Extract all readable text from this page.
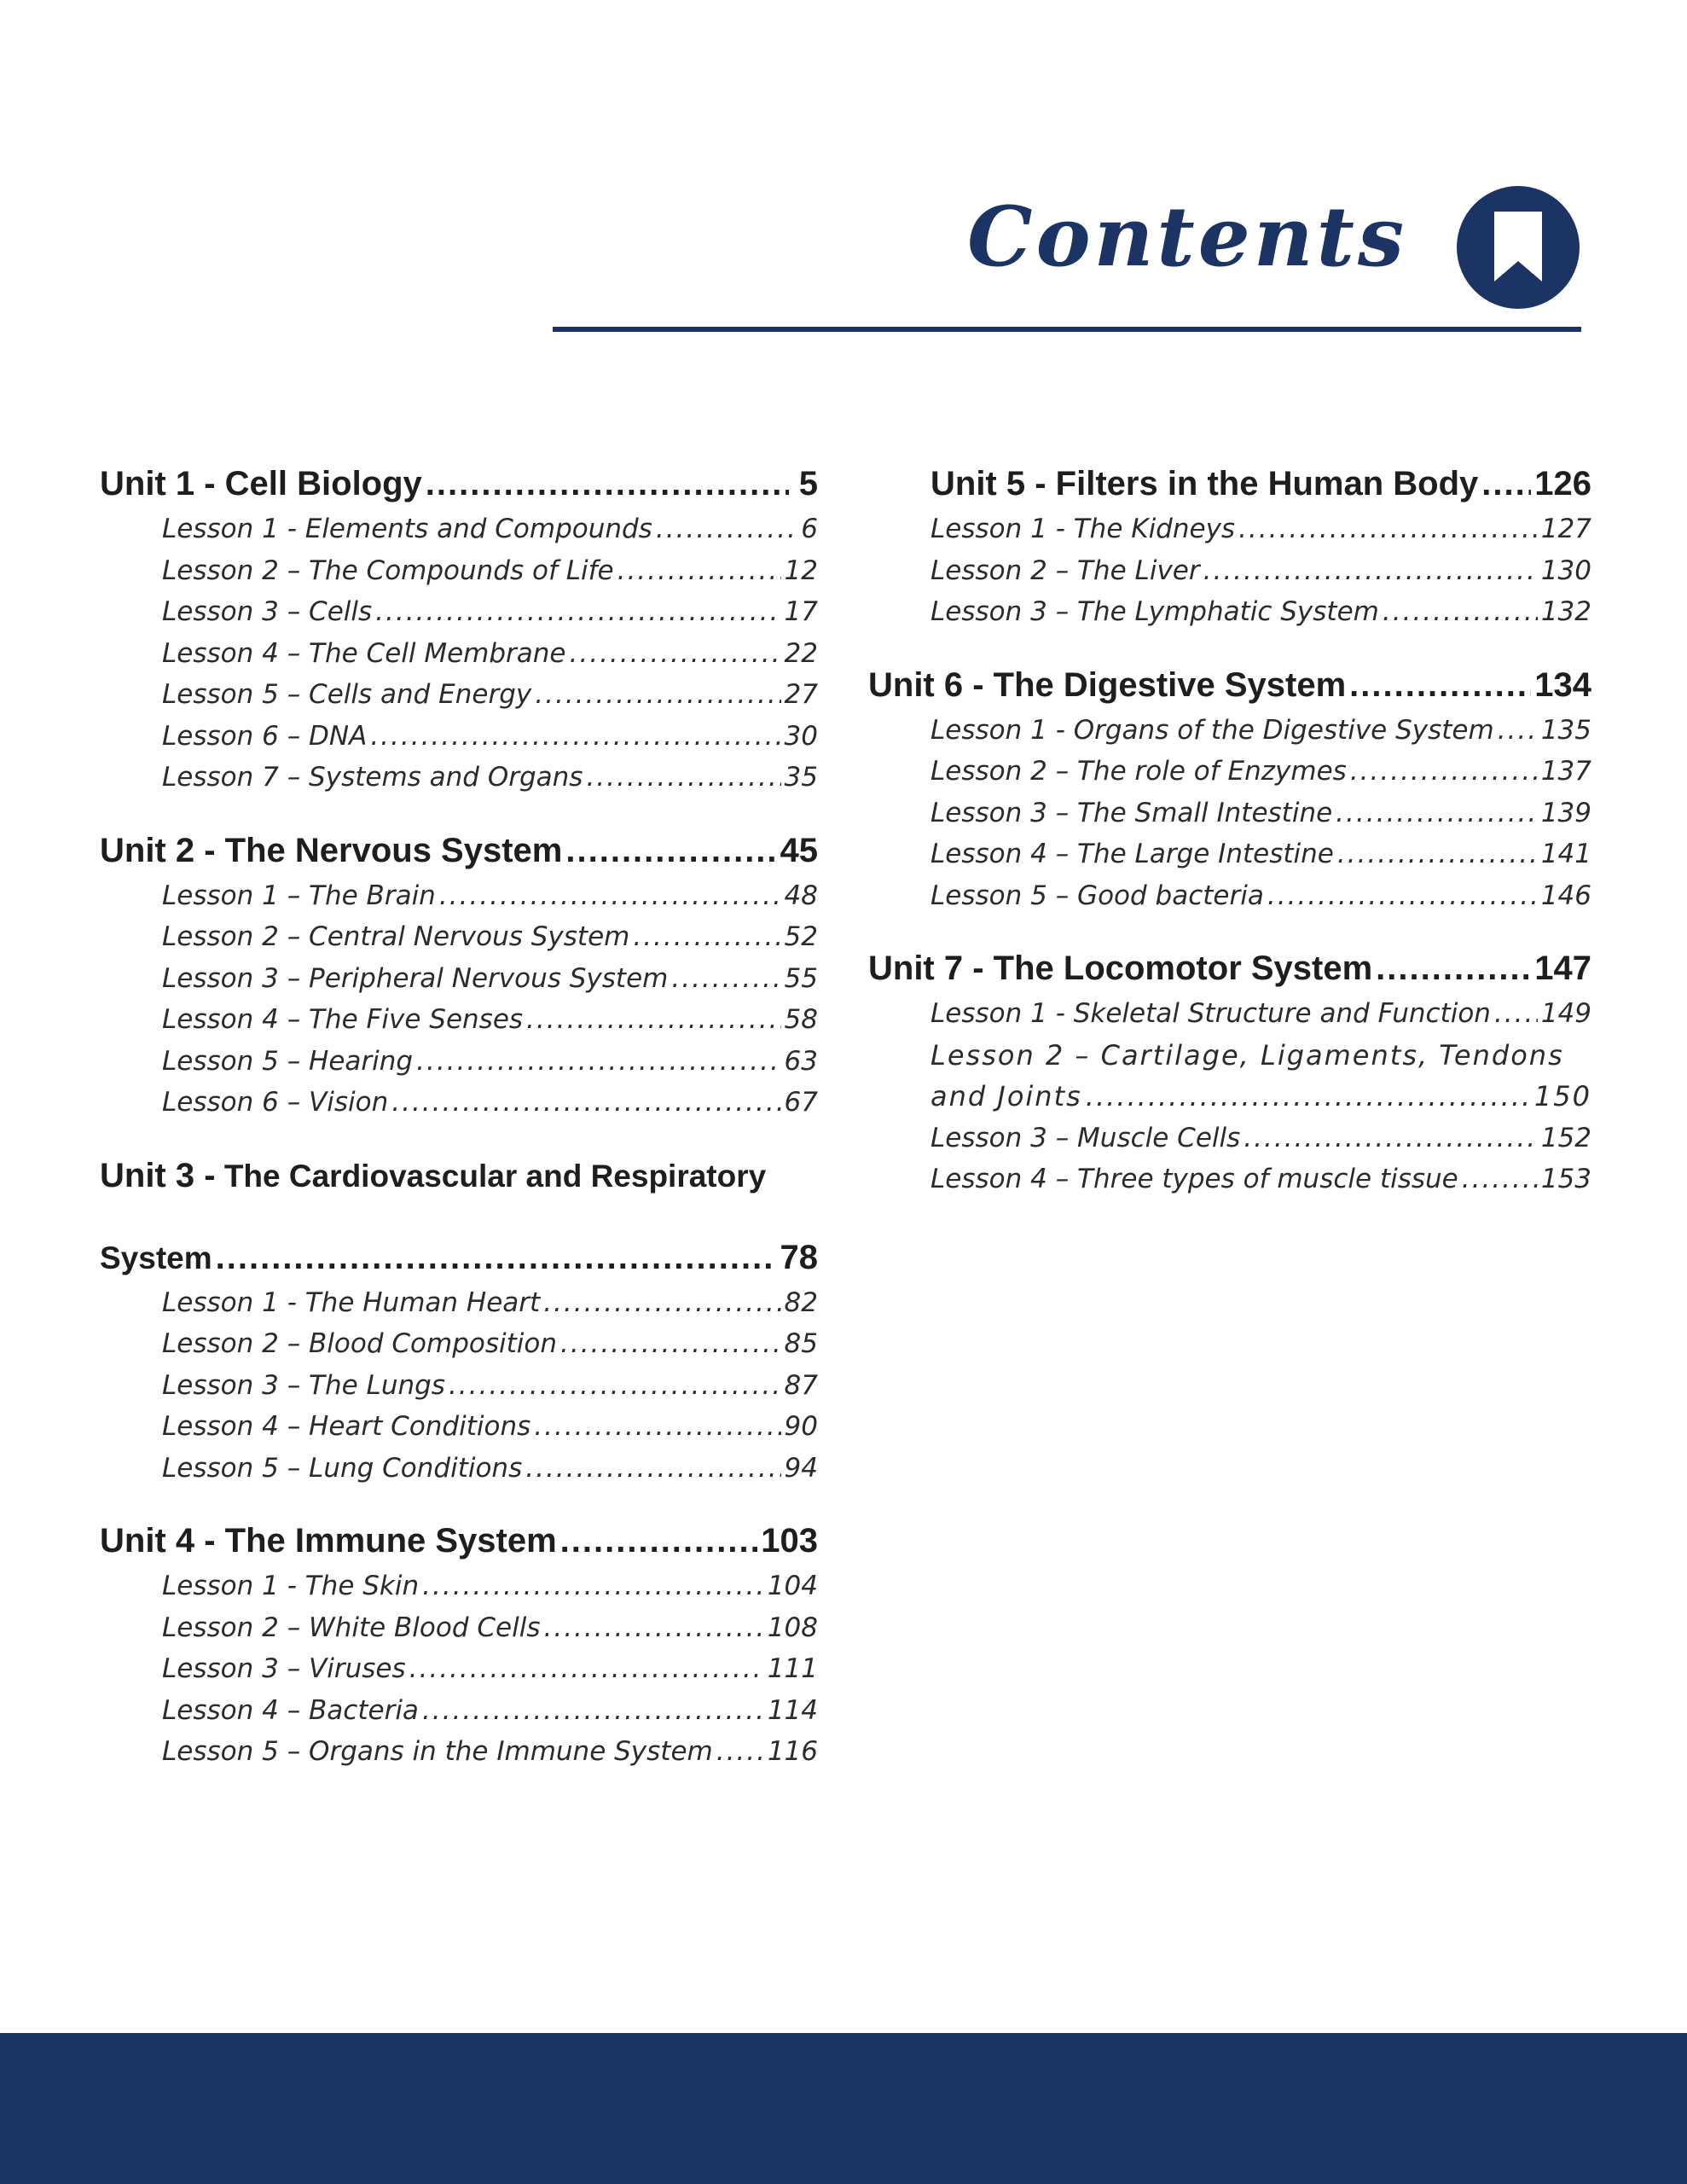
Contents
Unit 1 - Cell Biology .....	5
Lesson 1 - Elements and Compounds .....	6
Lesson 2 – The Compounds of Life .....	12
Lesson 3 – Cells .....	17
Lesson 4 – The Cell Membrane .....	22
Lesson 5 – Cells and Energy .....	27
Lesson 6 – DNA .....	30
Lesson 7 – Systems and Organs .....	35
Unit 2 - The Nervous System .....	45
Lesson 1 – The Brain .....	48
Lesson 2 – Central Nervous System .....	52
Lesson 3 – Peripheral Nervous System .....	55
Lesson 4 – The Five Senses .....	58
Lesson 5 – Hearing .....	63
Lesson 6 – Vision .....	67
Unit 3 - The Cardiovascular and Respiratory
System .....	78
Lesson 1 - The Human Heart .....	82
Lesson 2 – Blood Composition .....	85
Lesson 3 – The Lungs .....	87
Lesson 4 – Heart Conditions .....	90
Lesson 5 – Lung Conditions .....	94
Unit 4 - The Immune System .....	103
Lesson 1 - The Skin .....	104
Lesson 2 – White Blood Cells .....	108
Lesson 3 – Viruses .....	111
Lesson 4 – Bacteria .....	114
Lesson 5 – Organs in the Immune System ..... 116
Unit 5 - Filters in the Human Body ..... 126
Lesson 1 - The Kidneys .....	127
Lesson 2 – The Liver .....	130
Lesson 3 – The Lymphatic System .....	132
Unit 6 - The Digestive System .....	134
Lesson 1 - Organs of the Digestive System ..... 135
Lesson 2 – The role of Enzymes .....	137
Lesson 3 – The Small Intestine .....	139
Lesson 4 – The Large Intestine .....	141
Lesson 5 – Good bacteria .....	146
Unit 7 - The Locomotor System .....	147
Lesson 1 - Skeletal Structure and Function ..... 149
Lesson 2 – Cartilage, Ligaments, Tendons
and Joints .....	150
Lesson 3 – Muscle Cells .....	152
Lesson 4 – Three types of muscle tissue .....	153
